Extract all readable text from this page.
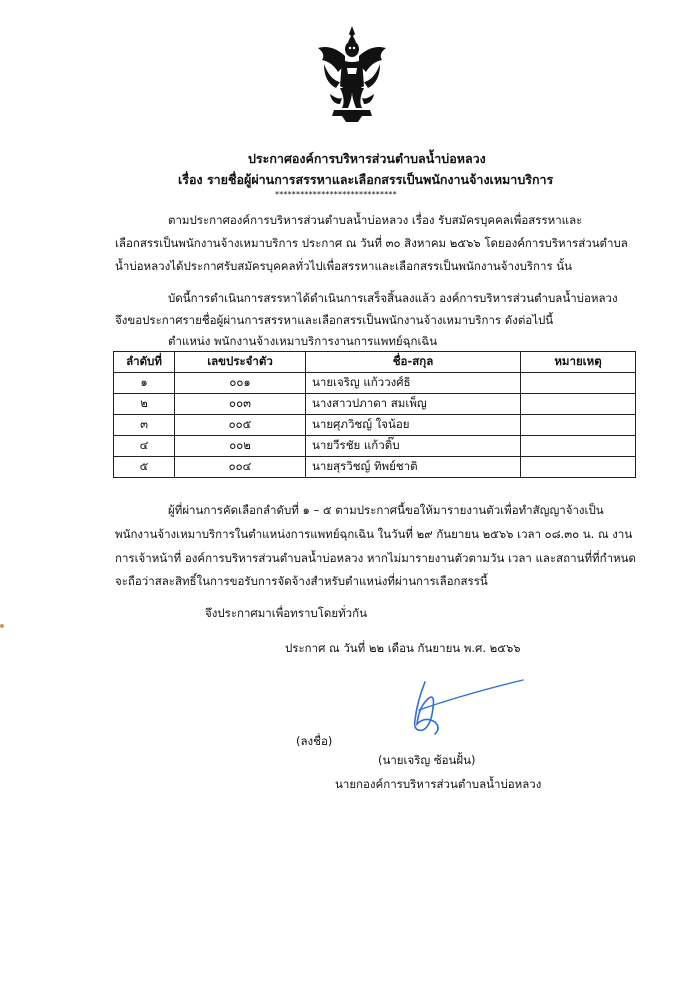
ประกาศองค์การบริหารส่วนตำบลน้ำบ่อหลวง
เรื่อง รายชื่อผู้ผ่านการสรรหาและเลือกสรรเป็นพนักงานจ้างเหมาบริการ
*****************************
ตามประกาศองค์การบริหารส่วนตำบลน้ำบ่อหลวง เรื่อง รับสมัครบุคคลเพื่อสรรหาและ
เลือกสรรเป็นพนักงานจ้างเหมาบริการ ประกาศ ณ วันที่ ๓๐ สิงหาคม ๒๕๖๖ โดยองค์การบริหารส่วนตำบล
น้ำบ่อหลวงได้ประกาศรับสมัครบุคคลทั่วไปเพื่อสรรหาและเลือกสรรเป็นพนักงานจ้างบริการ นั้น
บัดนี้การดำเนินการสรรหาได้ดำเนินการเสร็จสิ้นลงแล้ว องค์การบริหารส่วนตำบลน้ำบ่อหลวง
จึงขอประกาศรายชื่อผู้ผ่านการสรรหาและเลือกสรรเป็นพนักงานจ้างเหมาบริการ ดังต่อไปนี้
ตำแหน่ง พนักงานจ้างเหมาบริการงานการแพทย์ฉุกเฉิน
ลำดับที่	เลขประจำตัว	ชื่อ-สกุล	หมายเหตุ
๑	๐๐๑	นายเจริญ แก้ววงศ์ธิ	
๒	๐๐๓	นางสาวปภาดา สมเพ็ญ	
๓	๐๐๕	นายศุภวิชญ์ ใจน้อย	
๔	๐๐๒	นายวีรชัย แก้วติ๊บ	
๕	๐๐๔	นายสุรวิชญ์ ทิพย์ชาติ	
ผู้ที่ผ่านการคัดเลือกลำดับที่ ๑ – ๕ ตามประกาศนี้ขอให้มารายงานตัวเพื่อทำสัญญาจ้างเป็น
พนักงานจ้างเหมาบริการในตำแหน่งการแพทย์ฉุกเฉิน ในวันที่ ๒๙ กันยายน ๒๕๖๖ เวลา ๐๘.๓๐ น. ณ งาน
การเจ้าหน้าที่ องค์การบริหารส่วนตำบลน้ำบ่อหลวง หากไม่มารายงานตัวตามวัน เวลา และสถานที่ที่กำหนด
จะถือว่าสละสิทธิ์ในการขอรับการจัดจ้างสำหรับตำแหน่งที่ผ่านการเลือกสรรนี้
จึงประกาศมาเพื่อทราบโดยทั่วกัน
ประกาศ ณ วันที่ ๒๒ เดือน กันยายน พ.ศ. ๒๕๖๖
(ลงชื่อ)
(นายเจริญ ซ้อนฝั้น)
นายกองค์การบริหารส่วนตำบลน้ำบ่อหลวง
